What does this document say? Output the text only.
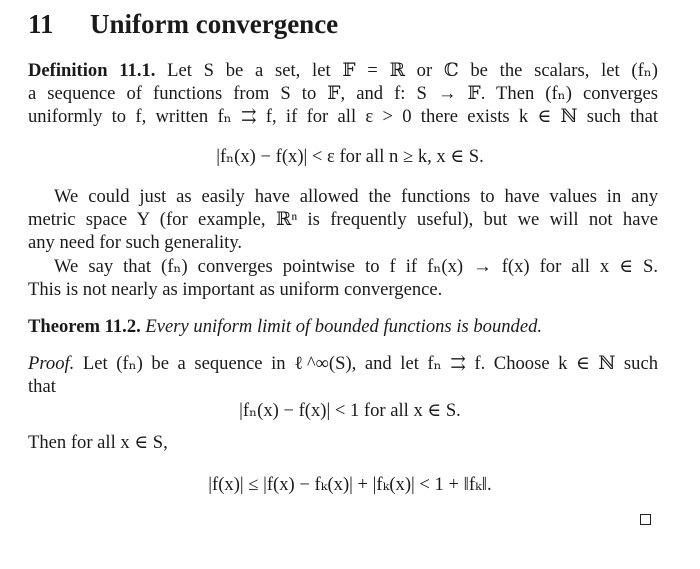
11 Uniform convergence
Definition 11.1. Let S be a set, let 𝔽 = ℝ or ℂ be the scalars, let (fₙ)
a sequence of functions from S to 𝔽, and f: S → 𝔽. Then (fₙ) converges
uniformly to f, written fₙ ⇉ f, if for all ε > 0 there exists k ∈ ℕ such that
|fₙ(x) − f(x)| < ε for all n ≥ k, x ∈ S.
We could just as easily have allowed the functions to have values in any
metric space Y (for example, ℝⁿ is frequently useful), but we will not have
any need for such generality.
We say that (fₙ) converges pointwise to f if fₙ(x) → f(x) for all x ∈ S.
This is not nearly as important as uniform convergence.
Theorem 11.2. Every uniform limit of bounded functions is bounded.
Proof. Let (fₙ) be a sequence in ℓ^∞(S), and let fₙ ⇉ f. Choose k ∈ ℕ such
that
|fₙ(x) − f(x)| < 1 for all x ∈ S.
Then for all x ∈ S,
|f(x)| ≤ |f(x) − fₖ(x)| + |fₖ(x)| < 1 + ‖fₖ‖.
